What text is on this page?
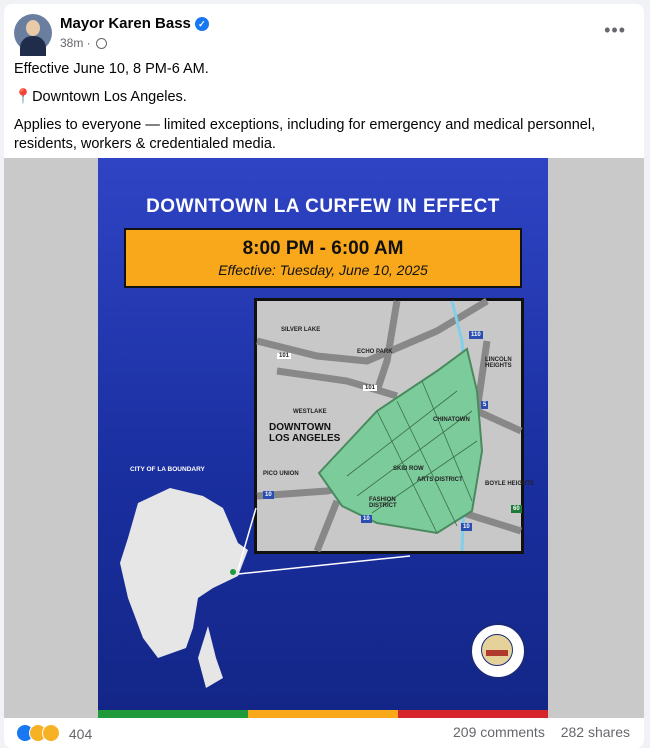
Mayor Karen Bass ✓
38m ·
•••

Effective June 10, 8 PM-6 AM.

📍Downtown Los Angeles.

Applies to everyone — limited exceptions, including for emergency and medical personnel, residents, workers & credentialed media.

DOWNTOWN LA CURFEW IN EFFECT
8:00 PM - 6:00 AM
Effective: Tuesday, June 10, 2025
SILVER LAKE
ECHO PARK
LINCOLN HEIGHTS
WESTLAKE
CHINATOWN
PICO UNION
SKID ROW
ARTS DISTRICT
BOYLE HEIGHTS
FASHION DISTRICT
DOWNTOWN
LOS ANGELES
110
101
101
5
10
10
10
60
CITY OF LA BOUNDARY
404	209 comments 282 shares
